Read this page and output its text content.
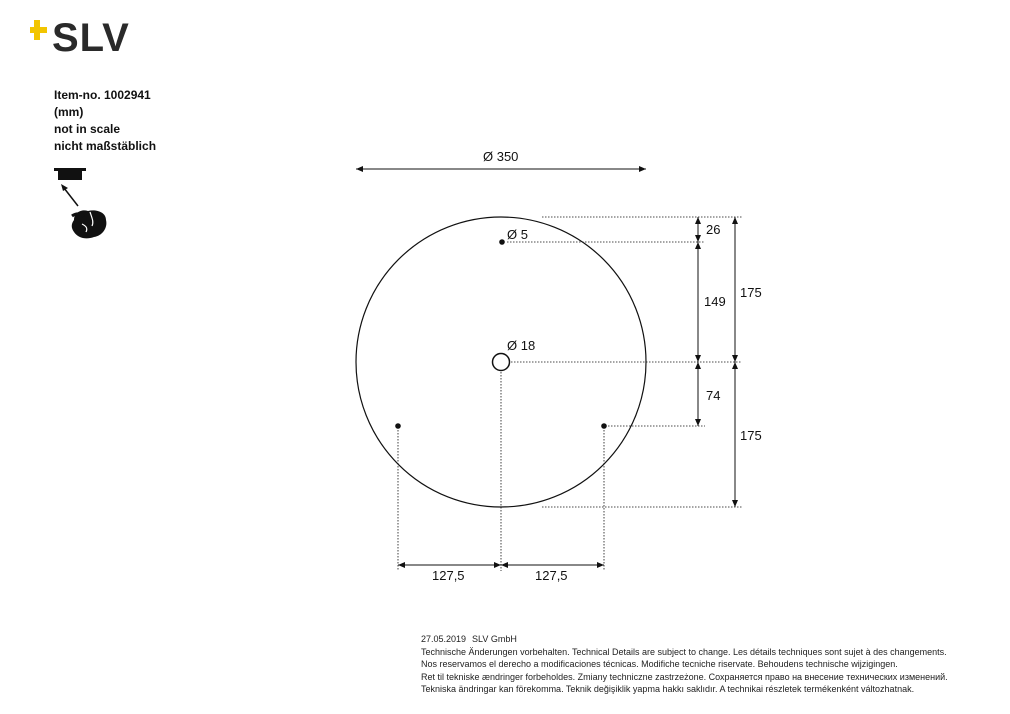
SLV
Item-no. 1002941
(mm)
not in scale
nicht maßstäblich
Ø 350
Ø 5
Ø 18
26
149
74
175
175
127,5	127,5
27.05.2019 SLV GmbH
Technische Änderungen vorbehalten. Technical Details are subject to change. Les détails techniques sont sujet à des changements.
Nos reservamos el derecho a modificaciones técnicas. Modifiche tecniche riservate. Behoudens technische wijzigingen.
Ret til tekniske ændringer forbeholdes. Zmiany techniczne zastrzeżone. Сохраняется право на внесение технических изменений.
Tekniska ändringar kan förekomma. Teknik değişiklik yapma hakkı saklıdır. A technikai részletek termékenként változhatnak.
